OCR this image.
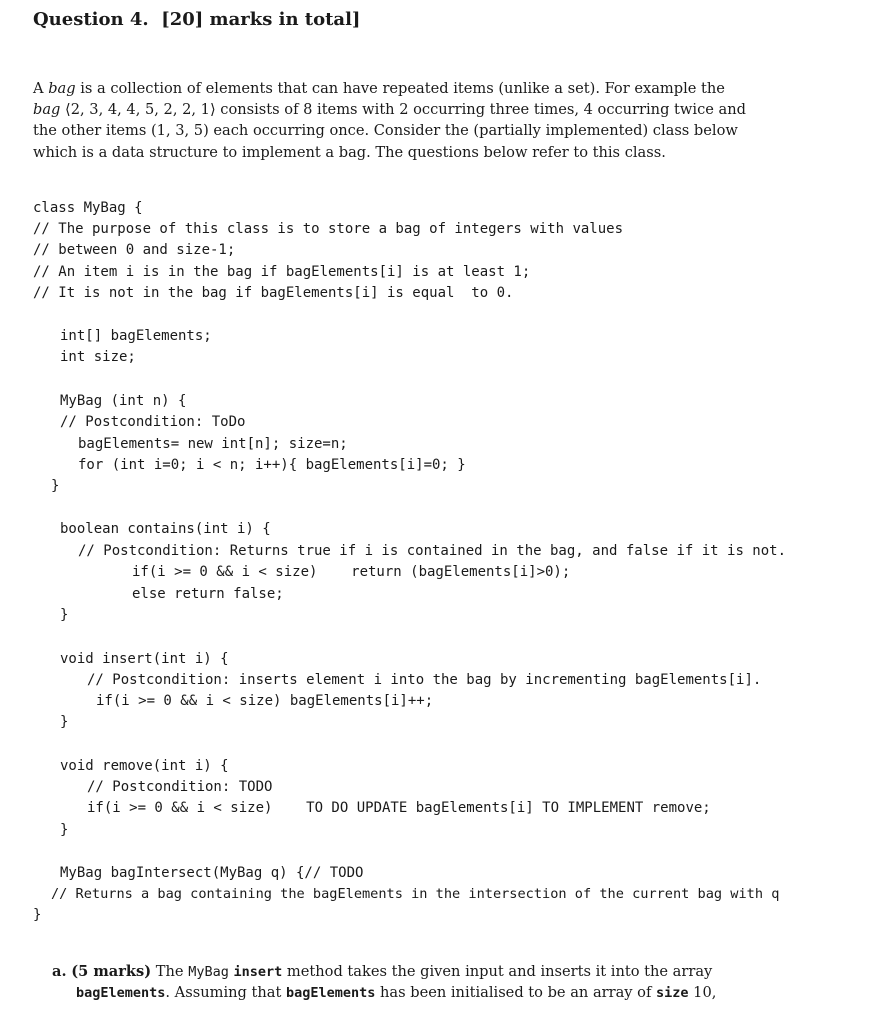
Question 4.  [20] marks in total]
A bag is a collection of elements that can have repeated items (unlike a set). For example the
bag ⟨2, 3, 4, 4, 5, 2, 2, 1⟩ consists of 8 items with 2 occurring three times, 4 occurring twice and
the other items (1, 3, 5) each occurring once. Consider the (partially implemented) class below
which is a data structure to implement a bag. The questions below refer to this class.
class MyBag {
// The purpose of this class is to store a bag of integers with values
// between 0 and size-1;
// An item i is in the bag if bagElements[i] is at least 1;
// It is not in the bag if bagElements[i] is equal  to 0.
int[] bagElements;
int size;
MyBag (int n) {
// Postcondition: ToDo
bagElements= new int[n]; size=n;
for (int i=0; i < n; i++){ bagElements[i]=0; }
}
boolean contains(int i) {
// Postcondition: Returns true if i is contained in the bag, and false if it is not.
if(i >= 0 && i < size)    return (bagElements[i]>0);
else return false;
}
void insert(int i) {
// Postcondition: inserts element i into the bag by incrementing bagElements[i].
if(i >= 0 && i < size) bagElements[i]++;
}
void remove(int i) {
// Postcondition: TODO
if(i >= 0 && i < size)    TO DO UPDATE bagElements[i] TO IMPLEMENT remove;
}
MyBag bagIntersect(MyBag q) {// TODO
// Returns a bag containing the bagElements in the intersection of the current bag with q
}
a. (5 marks) The MyBag insert method takes the given input and inserts it into the array
bagElements. Assuming that bagElements has been initialised to be an array of size 10,
